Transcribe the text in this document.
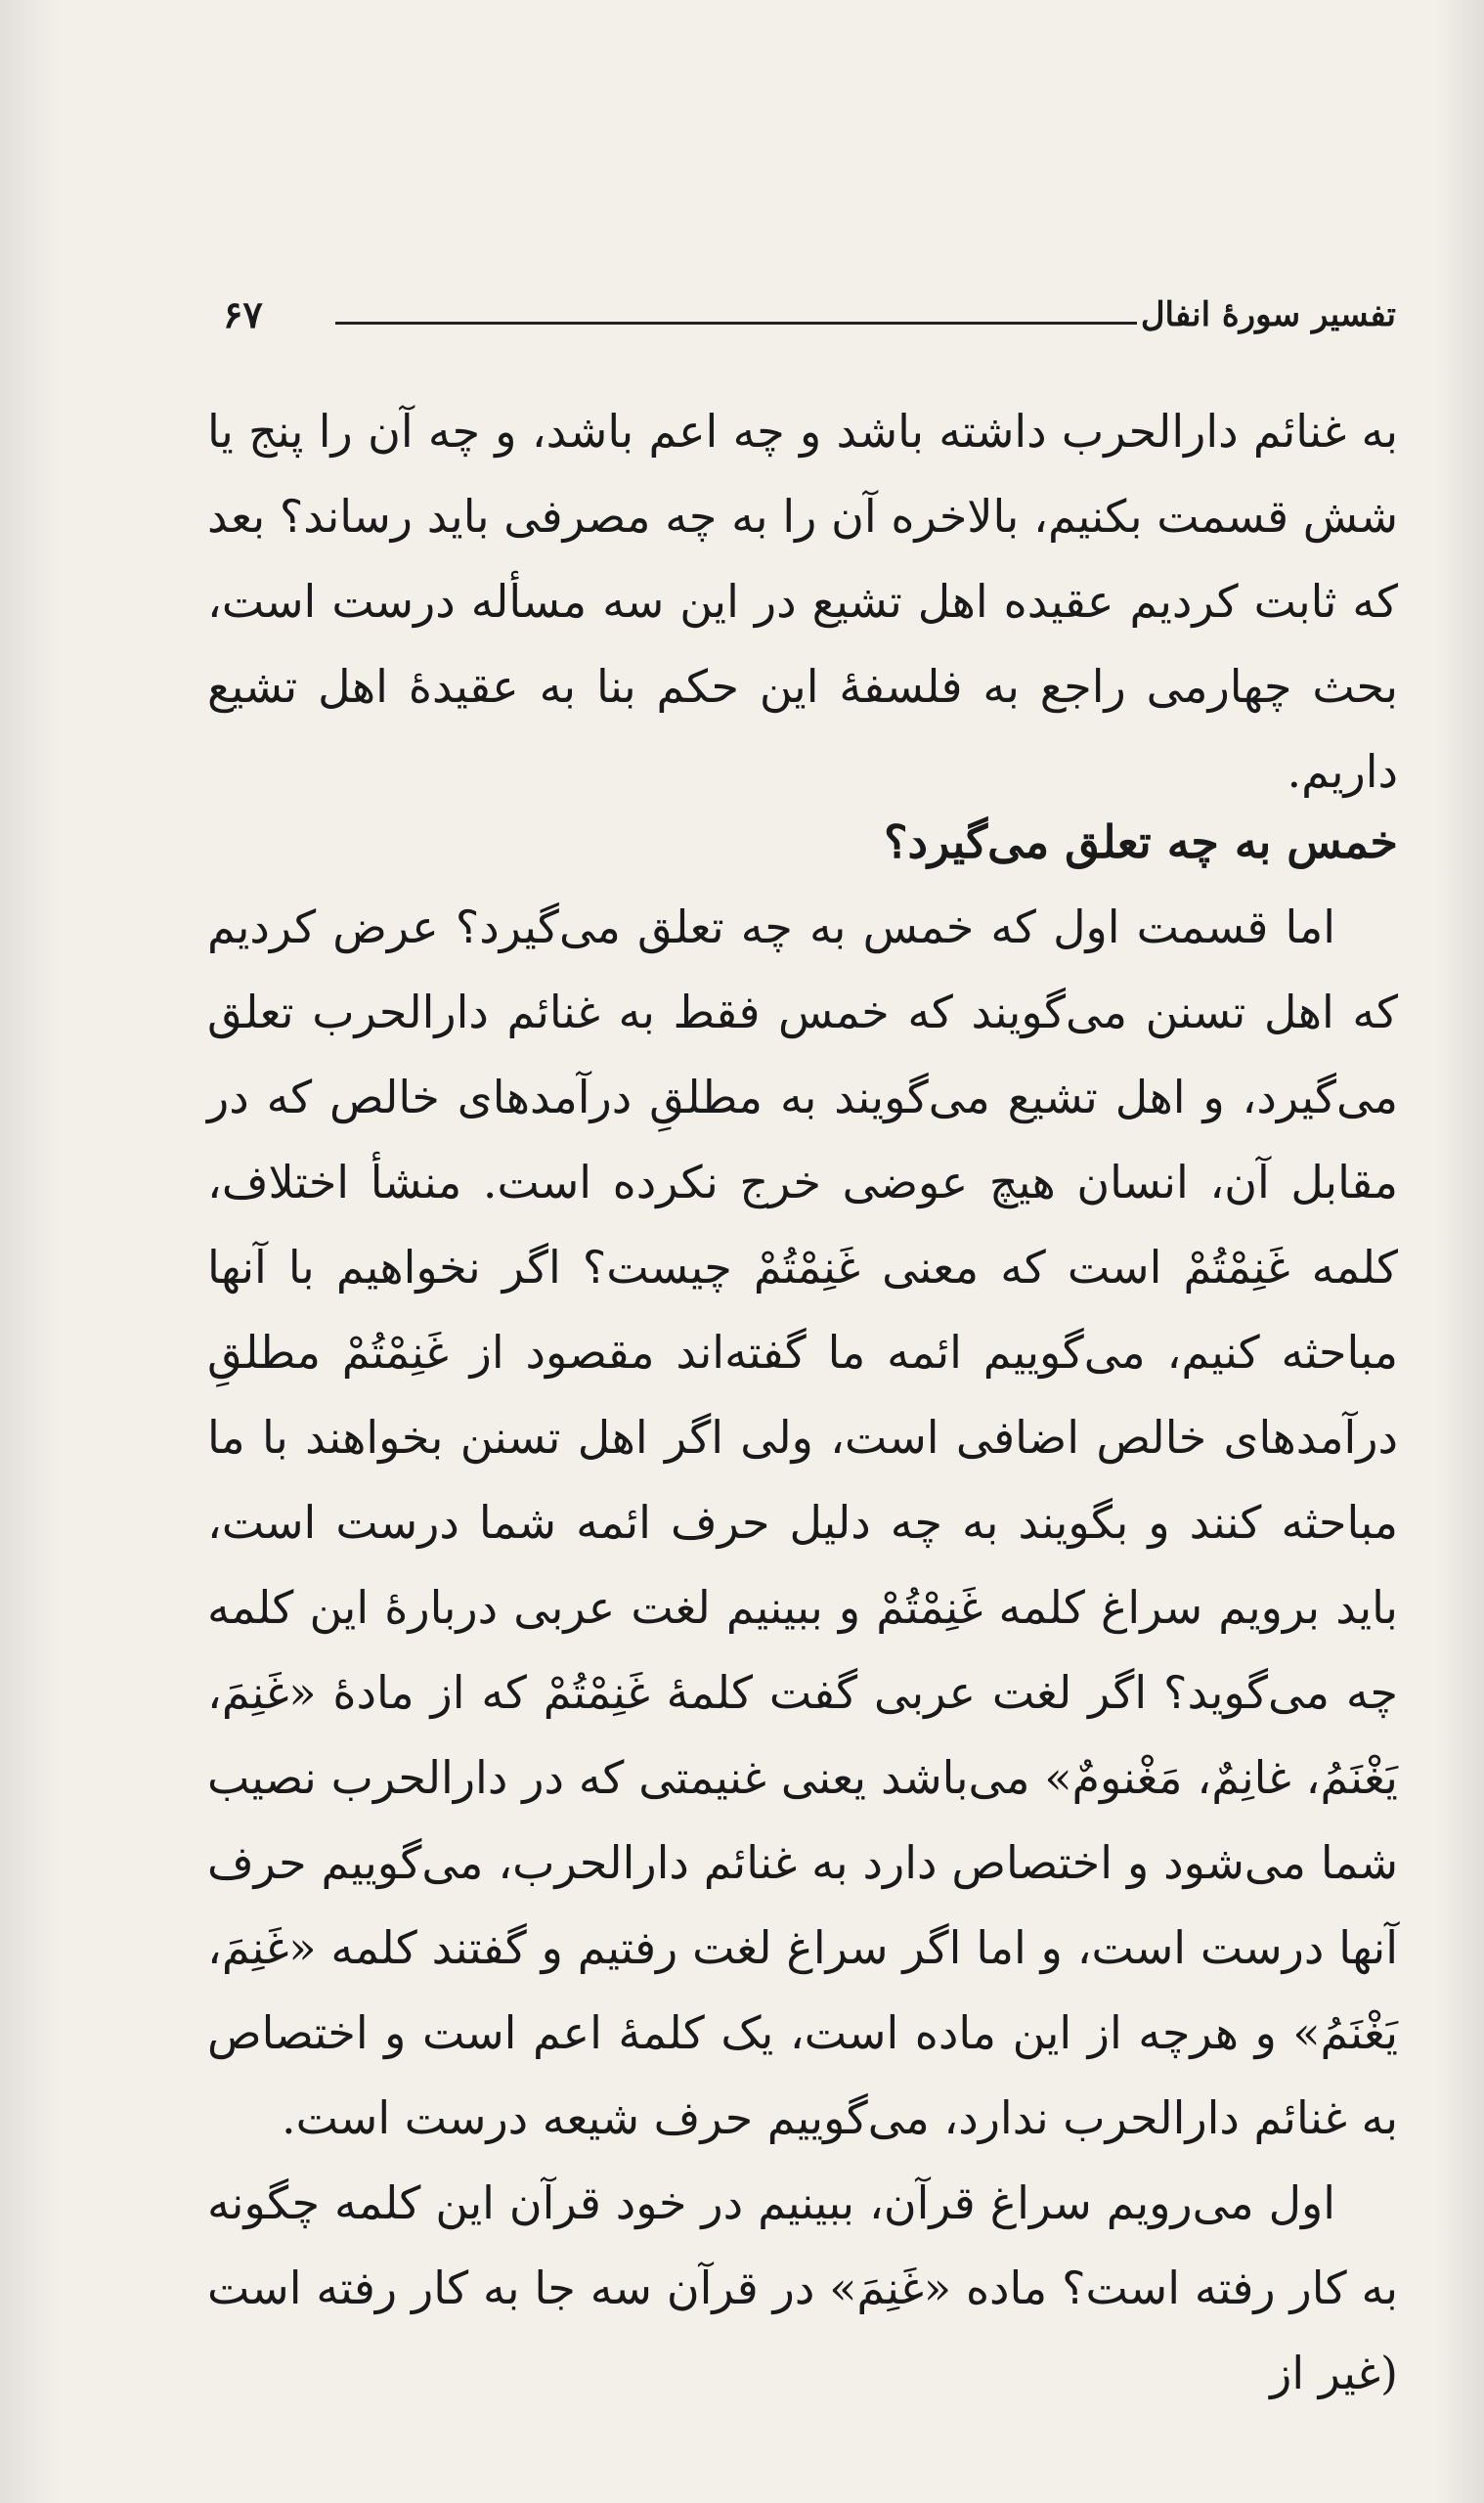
تفسیر سورهٔ انفال
۶۷

به غنائم دارالحرب داشته باشد و چه اعم باشد، و چه آن را پنج یا شش قسمت بکنیم، بالاخره آن را به چه مصرفی باید رساند؟ بعد که ثابت کردیم عقیده اهل تشیع در این سه مسأله درست است، بحث چهارمی راجع به فلسفهٔ این حکم بنا به عقیدهٔ اهل تشیع داریم.

خمس به چه تعلق می‌گیرد؟

اما قسمت اول که خمس به چه تعلق می‌گیرد؟ عرض کردیم که اهل تسنن می‌گویند که خمس فقط به غنائم دارالحرب تعلق می‌گیرد، و اهل تشیع می‌گویند به مطلقِ درآمدهای خالص که در مقابل آن، انسان هیچ عوضی خرج نکرده است. منشأ اختلاف، کلمه غَنِمْتُمْ است که معنی غَنِمْتُمْ چیست؟ اگر نخواهیم با آنها مباحثه کنیم، می‌گوییم ائمه ما گفته‌اند مقصود از غَنِمْتُمْ مطلقِ درآمدهای خالص اضافی است، ولی اگر اهل تسنن بخواهند با ما مباحثه کنند و بگویند به چه دلیل حرف ائمه شما درست است، باید برویم سراغ کلمه غَنِمْتُمْ و ببینیم لغت عربی دربارهٔ این کلمه چه می‌گوید؟ اگر لغت عربی گفت کلمهٔ غَنِمْتُمْ که از مادهٔ «غَنِمَ، یَغْنَمُ، غانِمٌ، مَغْنومٌ» می‌باشد یعنی غنیمتی که در دارالحرب نصیب شما می‌شود و اختصاص دارد به غنائم دارالحرب، می‌گوییم حرف آنها درست است، و اما اگر سراغ لغت رفتیم و گفتند کلمه «غَنِمَ، یَغْنَمُ» و هرچه از این ماده است، یک کلمهٔ اعم است و اختصاص به غنائم دارالحرب ندارد، می‌گوییم حرف شیعه درست است.

اول می‌رویم سراغ قرآن، ببینیم در خود قرآن این کلمه چگونه به کار رفته است؟ ماده «غَنِمَ» در قرآن سه جا به کار رفته است (غیر از
